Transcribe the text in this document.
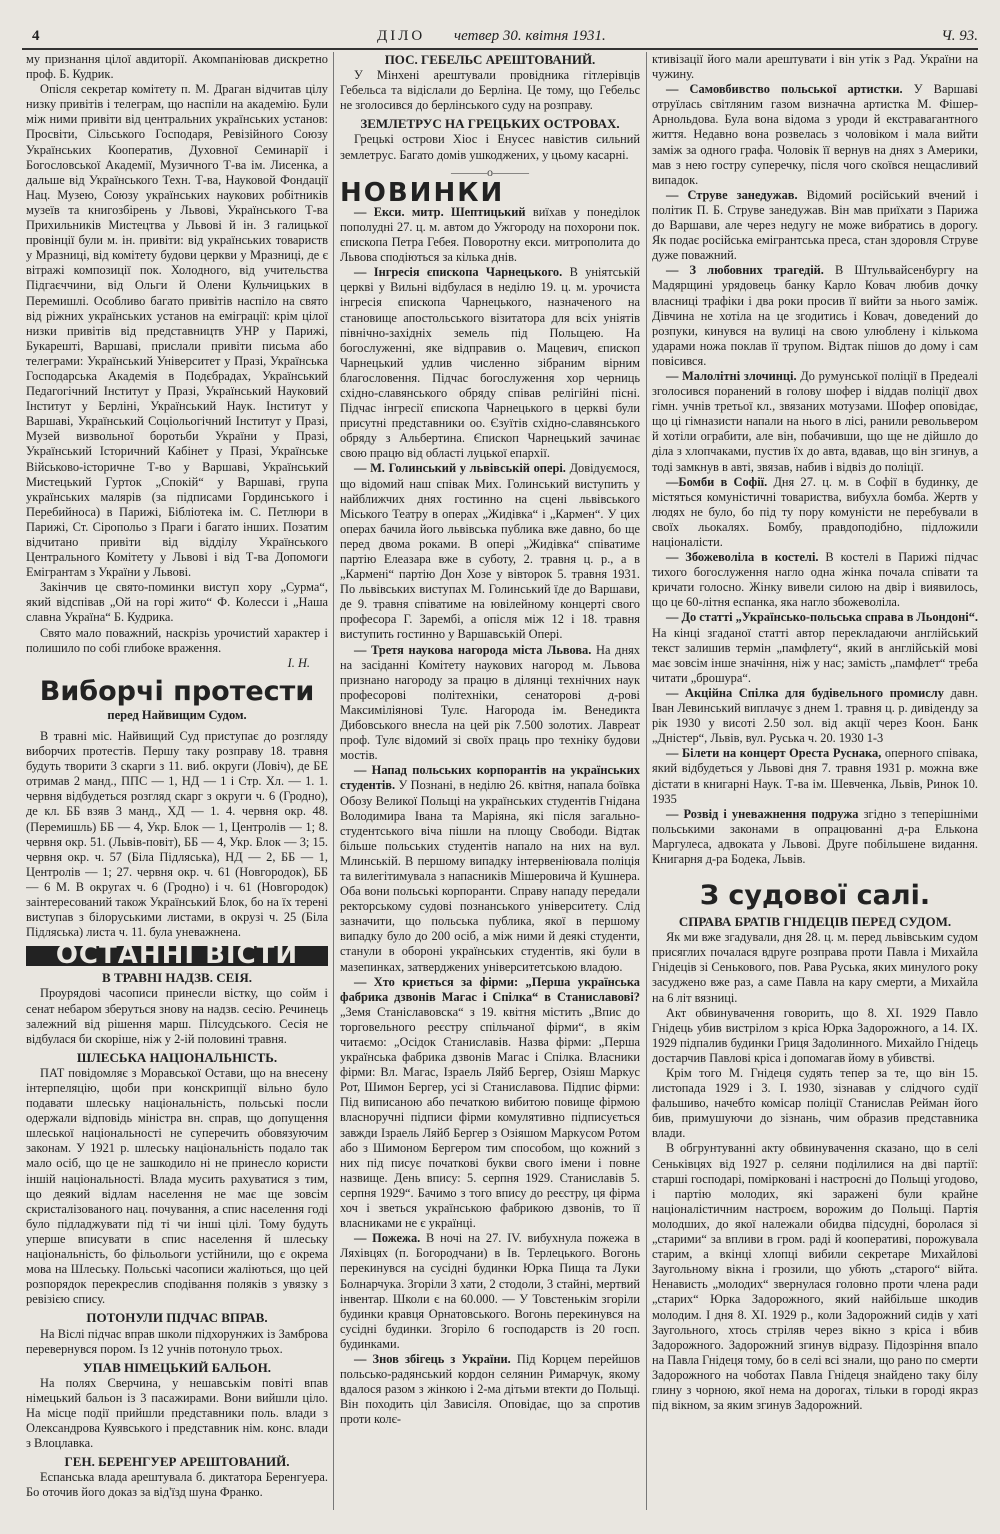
4	ДІЛО четвер 30. квітня 1931.	Ч. 93.

му признання цілої авдиторії. Акомпаніював дискретно проф. Б. Кудрик.

Опісля секретар комітету п. М. Драган відчитав цілу низку привітів і телеграм, що наспіли на академію. Були між ними привіти від центральних українських установ: Просвіти, Сільського Господаря, Ревізійного Союзу Українських Кооператив, Духовної Семинарії і Богословської Академії, Музичного Т-ва ім. Лисенка, а дальше від Українського Техн. Т-ва, Науковой Фондації Нац. Музею, Союзу українських наукових робітників музеїв та книгозбірень у Львові, Українського Т-ва Прихильників Мистецтва у Львові й ін. З галицької провінції були м. ін. привіти: від українських товариств у Мразниці, від комітету будови церкви у Мразниці, де є вітражі композиції пок. Холодного, від учительства Підгаєччини, від Ольги й Олени Кульчицьких в Перемишлі. Особливо багато привітів наспіло на свято від ріжних українських установ на еміграції: крім цілої низки привітів від представництв УНР у Парижі, Букарешті, Варшаві, прислали привіти письма або телеграми: Український Університет у Празі, Українська Господарська Академія в Подєбрадах, Український Педагогічний Інститут у Празі, Український Науковий Інститут у Берліні, Український Наук. Інститут у Варшаві, Український Соціольогічний Інститут у Празі, Музей визвольної боротьби України у Празі, Український Історичний Кабінет у Празі, Українське Військово-історичне Т-во у Варшаві, Український Мистецький Гурток „Спокій“ у Варшаві, група українських малярів (за підписами Гординського і Перебийноса) в Парижі, Бібліотека ім. С. Петлюри в Парижі, Ст. Сіропольо з Праги і багато інших. Позатим відчитано привіти від відділу Українського Центрального Комітету у Львові і від Т-ва Допомоги Емігрантам з України у Львові.

Закінчив це свято-поминки виступ хору „Сурма“, який відспівав „Ой на горі жито“ Ф. Колесси і „Наша славна Україна“ Б. Кудрика.

Свято мало поважний, наскрізь урочистий характер і полишило по собі глибоке враження.

І. Н.
Виборчі протести
перед Найвищим Судом.

В травні міс. Найвищий Суд приступає до розгляду виборчих протестів. Першу таку розправу 18. травня будуть творити 3 скарги з 11. виб. округи (Ловіч), де БЕ отримав 2 манд., ППС — 1, НД — 1 і Стр. Хл. — 1. 1. червня відбудеться розгляд скарг з округи ч. 6 (Гродно), де кл. ББ взяв 3 манд., ХД — 1. 4. червня окр. 48. (Перемишль) ББ — 4, Укр. Блок — 1, Центролів — 1; 8. червня окр. 51. (Львів-повіт), ББ — 4, Укр. Блок — 3; 15. червня окр. ч. 57 (Біла Підляська), НД — 2, ББ — 1, Центролів — 1; 27. червня окр. ч. 61 (Новгородок), ББ — 6 М. В округах ч. 6 (Гродно) і ч. 61 (Новгородок) заінтересований також Український Блок, бо на їх терені виступав з білоруськими листами, в окрузі ч. 25 (Біла Підляська) листа ч. 11. була уневажнена.

ОСТАННІ ВІСТИ
В ТРАВНІ НАДЗВ. СЕІЯ.

Проурядові часописи принесли вістку, що сойм і сенат небаром зберуться знову на надзв. сесію. Речинець залежний від рішення марш. Пілсудського. Сесія не відбулася би скоріше, ніж у 2-ій половині травня.

ШЛЕСЬКА НАЦІОНАЛЬНІСТЬ.

ПАТ повідомляє з Моравської Остави, що на внесену інтерпеляцію, щоби при конскрипції вільно було подавати шлеську національність, польські посли одержали відповідь міністра вн. справ, що допущення шлеської національності не суперечить обовязуючим законам. У 1921 р. шлеську національність подало так мало осіб, що це не зашкодило ні не принесло користи іншій національності. Влада мусить рахуватися з тим, що деякий відлам населення не має ще зовсім скристалізованого нац. почування, а спис населення годі було підладжувати під ті чи інші цілі. Тому будуть уперше вписувати в спис населення й шлеську національність, бо фільольоги устійнили, що є окрема мова на Шлеську. Польські часописи жаліються, що цей розпорядок перекреслив сподівання поляків з увязку з ревізією спису.

ПОТОНУЛИ ПІДЧАС ВПРАВ.

На Віслі підчас вправ школи підхорунжих із Замброва перевернувся пором. Із 12 учнів потонуло трьох.

УПАВ НІМЕЦЬКИЙ БАЛЬОН.

На полях Сверчина, у нешавськім повіті впав німецький бальон із 3 пасажирами. Вони вийшли ціло. На місце події прийшли представники поль. влади з Олександрова Куявського і представник нім. конс. влади з Влоцлавка.

ГЕН. БЕРЕНГУЕР АРЕШТОВАНИЙ.

Еспанська влада арештувала б. диктатора Беренгуера. Бо оточив його доказ за від'їзд шуна Франко.

ПОС. ГЕБЕЛЬС АРЕШТОВАНИЙ.

У Мінхені арештували провідника гітлерівців Гебельса та відіслали до Берліна. Це тому, що Гебельс не зголосився до берлінського суду на розправу.

ЗЕМЛЕТРУС НА ГРЕЦЬКИХ ОСТРОВАХ.

Грецькі острови Хіос і Енусес навістив сильний землетрус. Багато домів ушкоджених, у цьому касарні.

———о———
НОВИНКИ

— Екси. митр. Шептицький виїхав у понеділок пополудні 27. ц. м. автом до Ужгороду на похорони пок. єпископа Петра Гебея. Поворотну екси. митрополита до Львова сподіються за кілька днів.

— Інгресія єпископа Чарнецького. В уніятській церкві у Вильні відбулася в неділю 19. ц. м. урочиста інгресія єпископа Чарнецького, назначеного на становище апостольського візитатора для всіх уніятів північно-західніх земель під Польщею. На богослуженні, яке відправив о. Мацевич, єпископ Чарнецький удлив численно зібраним вірним благословення. Підчас богослуження хор черниць східно-славянського обряду співав релігійні пісні. Підчас інгресії єпископа Чарнецького в церкві були присутні представники оо. Єзуїтів східно-славянського обряду з Альбертина. Єпископ Чарнецький зачинає свою працю від області луцької епархії.

— М. Голинський у львівській опері. Довідуємося, що відомий наш співак Мих. Голинський виступить у найближчих днях гостинно на сцені львівського Міського Театру в операх „Жидівка“ і „Кармен“. У цих операх бачила його львівська публика вже давно, бо ще перед двома роками. В опері „Жидівка“ співатиме партію Елеазара вже в суботу, 2. травня ц. р., а в „Кармені“ партію Дон Хозе у вівторок 5. травня 1931. По львівських виступах М. Голинський їде до Варшави, де 9. травня співатиме на ювілейному концерті свого професора Г. Зарембі, а опісля між 12 і 18. травня виступить гостинно у Варшавській Опері.

— Третя наукова нагорода міста Львова. На днях на засіданні Комітету наукових нагород м. Львова признано нагороду за працю в ділянці технічних наук професорові політехніки, сенаторові д-рові Максиміліянові Тулє. Нагорода ім. Венедикта Дибовського внесла на цей рік 7.500 золотих. Лавреат проф. Тулє відомий зі своїх праць про техніку будови мостів.

— Напад польських корпорантів на українських студентів. У Познані, в неділю 26. квітня, напала боївка Обозу Великої Польщі на українських студентів Гнідана Володимира Івана та Маріяна, які після загально-студентського віча пішли на площу Свободи. Відтак більше польських студентів напало на них на вул. Млинській. В першому випадку інтервеніювала поліція та вилегітимувала з напасників Мішеровича й Кушнера. Оба вони польські корпоранти. Справу нападу передали ректорському судові познанського університету. Слід зазначити, що польська публика, якої в першому випадку було до 200 осіб, а між ними й деякі студенти, станули в обороні українських студентів, які були в мазепинках, затверджених університетською владою.

— Хто криється за фірми: „Перша українська фабрика дзвонів Магас і Спілка“ в Станиславові? „Земя Станіславовска“ з 19. квітня містить „Впис до торговельного реєстру спільчаної фірми“, в якім читаємо: „Осідок Станиславів. Назва фірми: „Перша українська фабрика дзвонів Магас і Спілка. Власники фірми: Вл. Магас, Ізраель Ляйб Бергер, Озіяш Маркус Рот, Шимон Бергер, усі зі Станиславова. Підпис фірми: Під виписаною або печаткою вибитою повище фірмою власноручні підписи фірми комулятивно підписується завжди Ізраель Ляйб Бергер з Озіяшом Маркусом Ротом або з Шимоном Бергером тим способом, що кожний з них під писує початкові букви свого імени і повне назвище. День впису: 5. серпня 1929. Станиславів 5. серпня 1929“. Бачимо з того впису до реєстру, ця фірма хоч і зветься українською фабрикою дзвонів, то її власниками не є українці.

— Пожежа. В ночі на 27. IV. вибухнула пожежа в Ляхівцях (п. Богородчани) в Ів. Терлецького. Вогонь перекинувся на сусідні будинки Юрка Пища та Луки Болнарчука. Згоріли 3 хати, 2 стодоли, 3 стайні, мертвий інвентар. Школи є на 60.000. — У Товстенькім згоріли будинки кравця Орнатовського. Вогонь перекинувся на сусідні будинки. Згоріло 6 господарств із 20 госп. будинками.

— Знов збігець з України. Під Корцем перейшов польсько-радянський кордон селянин Римарчук, якому вдалося разом з жінкою і 2-ма дітьми втекти до Польщі. Він походить ціл Зависіля. Оповідає, що за спротив проти колє-

ктивізації його мали арештувати і він утік з Рад. України на чужину.

— Самовбивство польської артистки. У Варшаві отруїлась світляним газом визначна артистка М. Фішер-Арнольдова. Була вона відома з уроди й екстравагантного життя. Недавно вона розвелась з чоловіком і мала вийти заміж за одного графа. Чоловік її вернув на днях з Америки, мав з нею гостру суперечку, після чого скоївся нещасливий випадок.

— Струве занедужав. Відомий російський вчений і політик П. Б. Струве занедужав. Він мав приїхати з Парижа до Варшави, але через недугу не може вибратись в дорогу. Як подає російська емігрантська преса, стан здоровля Струве дуже поважний.

— З любовних трагедій. В Штульвайсенбургу на Мадярщині урядовець банку Карло Ковач любив дочку власниці трафіки і два роки просив її вийти за нього заміж. Дівчина не хотіла на це згодитись і Ковач, доведений до розпуки, кинувся на вулиці на свою улюблену і кількома ударами ножа поклав її трупом. Відтак пішов до дому і сам повісився.

— Малолітні злочинці. До румунської поліції в Предеалі зголосився поранений в голову шофер і віддав поліції двох гімн. учнів третьої кл., звязаних мотузами. Шофер оповідає, що ці гімназисти напали на нього в лісі, ранили револьвером й хотіли ограбити, але він, побачивши, що ще не дійшло до діла з хлопчаками, пустив їх до авта, вдавав, що він згинув, а тоді замкнув в авті, звязав, набив і відвіз до поліції.

—Бомби в Софії. Дня 27. ц. м. в Софії в будинку, де містяться комуністичні товариства, вибухла бомба. Жертв у людях не було, бо під ту пору комуністи не перебували в своїх льокалях. Бомбу, правдоподібно, підложили націоналісти.

— Збожеволіла в костелі. В костелі в Парижі підчас тихого богослуження нагло одна жінка почала співати та кричати голосно. Жінку вивели силою на двір і виявилось, що це 60-літня еспанка, яка нагло збожеволіла.

— До статті „Українсько-польська справа в Льондоні“. На кінці згаданої статті автор перекладаючи англійський текст залишив термін „памфлету“, який в англійській мові має зовсім інше значіння, ніж у нас; замість „памфлет“ треба читати „брошура“.

— Акційна Спілка для будівельного промислу давн. Іван Левинський виплачує з днем 1. травня ц. р. дивіденду за рік 1930 у висоті 2.50 зол. від акції через Коон. Банк „Дністер“, Львів, вул. Руська ч. 20. 1930 1-3

— Білети на концерт Ореста Руснака, оперного співака, який відбудеться у Львові дня 7. травня 1931 р. можна вже дістати в книгарні Наук. Т-ва ім. Шевченка, Львів, Ринок 10. 1935

— Розвід і уневажнення подружа згідно з теперішніми польськими законами в опрацюванні д-ра Елькона Маргулеса, адвоката у Львові. Друге побільшене видання. Книгарня д-ра Бодека, Львів.

З судової салі.
СПРАВА БРАТІВ ГНІДЕЦІВ ПЕРЕД СУДОМ.

Як ми вже згадували, дня 28. ц. м. перед львівським судом присяглих почалася вдруге розправа проти Павла і Михайла Гнідеців зі Сенькового, пов. Рава Руська, яких минулого року засуджено вже раз, а саме Павла на кару смерти, а Михайла на 6 літ вязниці.

Акт обвинувачення говорить, що 8. XI. 1929 Павло Гнідець убив вистрілом з кріса Юрка Задорожного, а 14. IX. 1929 підпалив будинки Гриця Задолинного. Михайло Гнідець достарчив Павлові кріса і допомагав йому в убивстві.

Крім того М. Гнідеця судять тепер за те, що він 15. листопада 1929 і 3. I. 1930, зізнавав у слідчого судії фальшиво, начебто комісар поліції Станислав Рейман його бив, примушуючи до зізнань, чим образив представника влади.

В обгрунтуванні акту обвинувачення сказано, що в селі Сеньківцях від 1927 р. селяни поділилися на дві партії: старші господарі, помірковані і настроєні до Польщі угодово, і партію молодих, які заражені були крайне націоналістичним настроєм, ворожим до Польщі. Партія молодших, до якої належали обидва підсудні, боролася зі „старими“ за впливи в гром. раді й кооперативі, порожувала старим, а вкінці хлопці вибили секретаре Михайлові Заугольному вікна і грозили, що убють „старого“ війта. Ненависть „молодих“ звернулася головно проти члена ради „старих“ Юрка Задорожного, який найбільше шкодив молодим. І дня 8. XI. 1929 р., коли Задорожний сидів у хаті Заугольного, хтось стріляв через вікно з кріса і вбив Задорожного. Задорожний згинув відразу. Підозріння впало на Павла Гнідеця тому, бо в селі всі знали, що рано по смерти Задорожного на чоботах Павла Гнідеця знайдено таку білу глину з чорною, якої нема на дорогах, тільки в городі якраз під вікном, за яким згинув Задорожний.
